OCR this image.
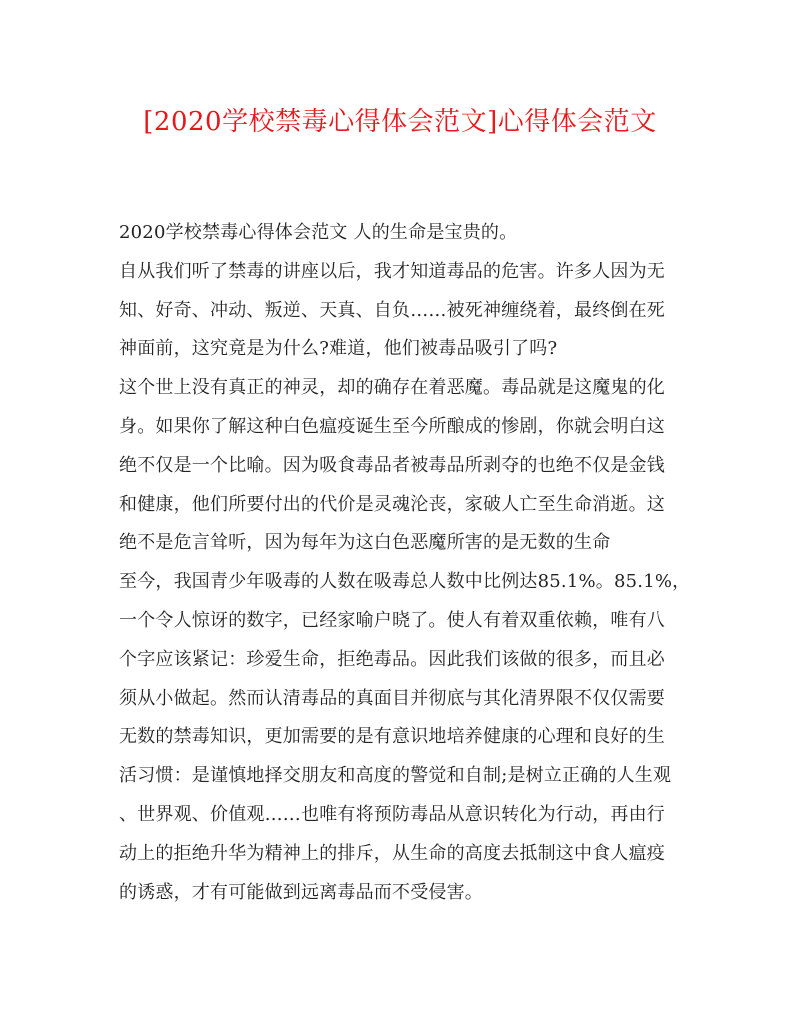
[2020学校禁毒心得体会范文]心得体会范文
2020学校禁毒心得体会范文 人的生命是宝贵的。
自从我们听了禁毒的讲座以后，我才知道毒品的危害。许多人因为无
知、好奇、冲动、叛逆、天真、自负……被死神缠绕着，最终倒在死
神面前，这究竟是为什么?难道，他们被毒品吸引了吗?
这个世上没有真正的神灵，却的确存在着恶魔。毒品就是这魔鬼的化
身。如果你了解这种白色瘟疫诞生至今所酿成的惨剧，你就会明白这
绝不仅是一个比喻。因为吸食毒品者被毒品所剥夺的也绝不仅是金钱
和健康，他们所要付出的代价是灵魂沦丧，家破人亡至生命消逝。这
绝不是危言耸听，因为每年为这白色恶魔所害的是无数的生命
至今，我国青少年吸毒的人数在吸毒总人数中比例达85.1%。85.1%，
一个令人惊讶的数字，已经家喻户晓了。使人有着双重依赖，唯有八
个字应该紧记：珍爱生命，拒绝毒品。因此我们该做的很多，而且必
须从小做起。然而认清毒品的真面目并彻底与其化清界限不仅仅需要
无数的禁毒知识，更加需要的是有意识地培养健康的心理和良好的生
活习惯：是谨慎地择交朋友和高度的警觉和自制;是树立正确的人生观
、世界观、价值观……也唯有将预防毒品从意识转化为行动，再由行
动上的拒绝升华为精神上的排斥，从生命的高度去抵制这中食人瘟疫
的诱惑，才有可能做到远离毒品而不受侵害。
